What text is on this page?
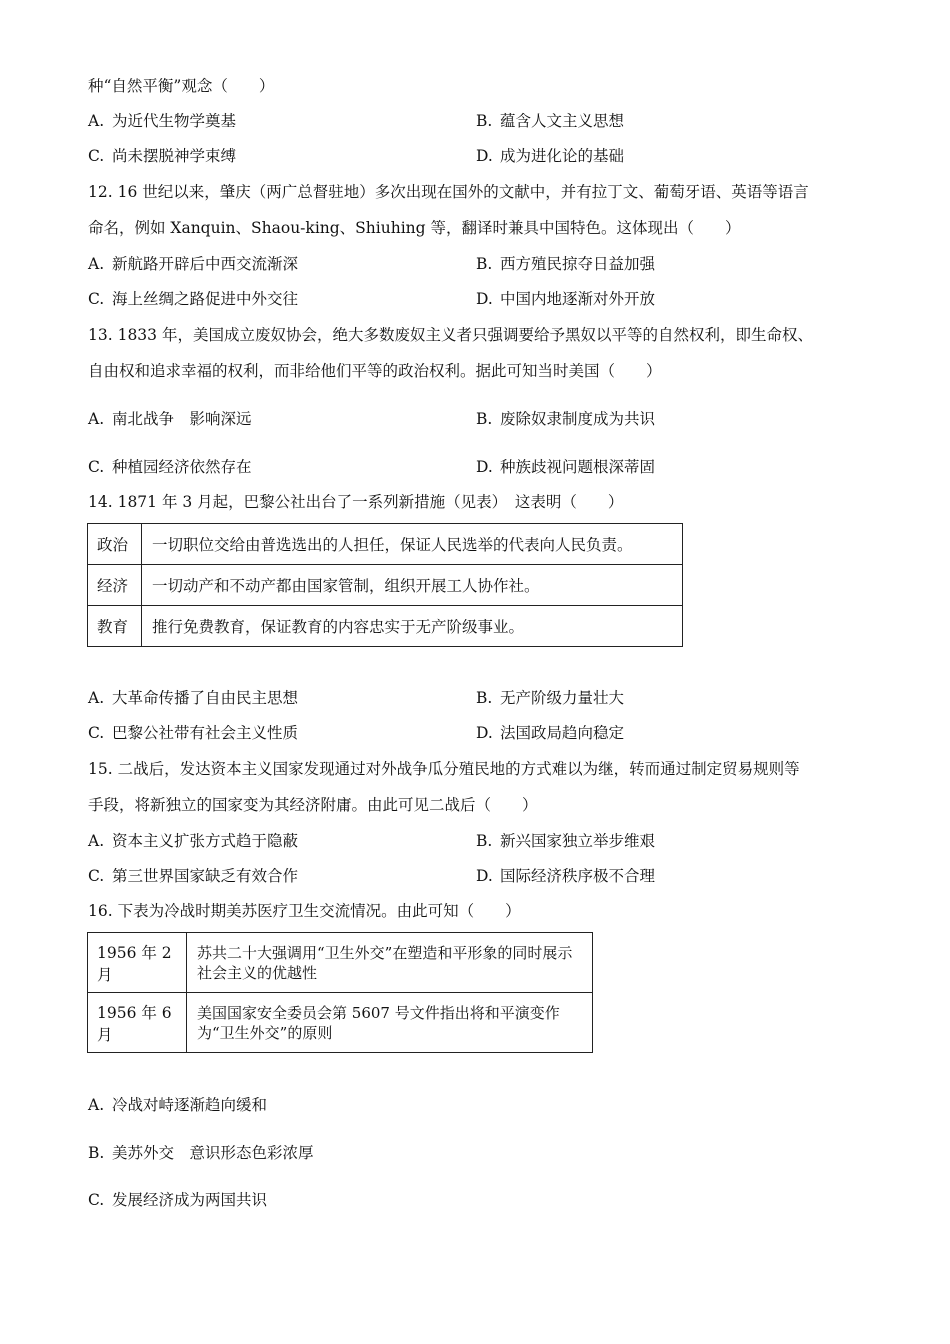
种“自然平衡”观念（　　）
A. 为近代生物学奠基	B. 蕴含人文主义思想
C. 尚未摆脱神学束缚	D. 成为进化论的基础
12. 16 世纪以来，肇庆（两广总督驻地）多次出现在国外的文献中，并有拉丁文、葡萄牙语、英语等语言
命名，例如 Xanquin、Shaou-king、Shiuhing 等，翻译时兼具中国特色。这体现出（　　）
A. 新航路开辟后中西交流渐深	B. 西方殖民掠夺日益加强
C. 海上丝绸之路促进中外交往	D. 中国内地逐渐对外开放
13. 1833 年，美国成立废奴协会，绝大多数废奴主义者只强调要给予黑奴以平等的自然权利，即生命权、
自由权和追求幸福的权利，而非给他们平等的政治权利。据此可知当时美国（　　）
A. 南北战争　影响深远	B. 废除奴隶制度成为共识
C. 种植园经济依然存在	D. 种族歧视问题根深蒂固
14. 1871 年 3 月起，巴黎公社出台了一系列新措施（见表）　这表明（　　）
政治	一切职位交给由普选选出的人担任，保证人民选举的代表向人民负责。
经济	一切动产和不动产都由国家管制，组织开展工人协作社。
教育	推行免费教育，保证教育的内容忠实于无产阶级事业。
A. 大革命传播了自由民主思想	B. 无产阶级力量壮大
C. 巴黎公社带有社会主义性质	D. 法国政局趋向稳定
15. 二战后，发达资本主义国家发现通过对外战争瓜分殖民地的方式难以为继，转而通过制定贸易规则等
手段，将新独立的国家变为其经济附庸。由此可见二战后（　　）
A. 资本主义扩张方式趋于隐蔽	B. 新兴国家独立举步维艰
C. 第三世界国家缺乏有效合作	D. 国际经济秩序极不合理
16. 下表为冷战时期美苏医疗卫生交流情况。由此可知（　　）
1956 年 2 月	苏共二十大强调用“卫生外交”在塑造和平形象的同时展示社会主义的优越性
1956 年 6 月	美国国家安全委员会第 5607 号文件指出将和平演变作为“卫生外交”的原则
A. 冷战对峙逐渐趋向缓和
B. 美苏外交　意识形态色彩浓厚
C. 发展经济成为两国共识
